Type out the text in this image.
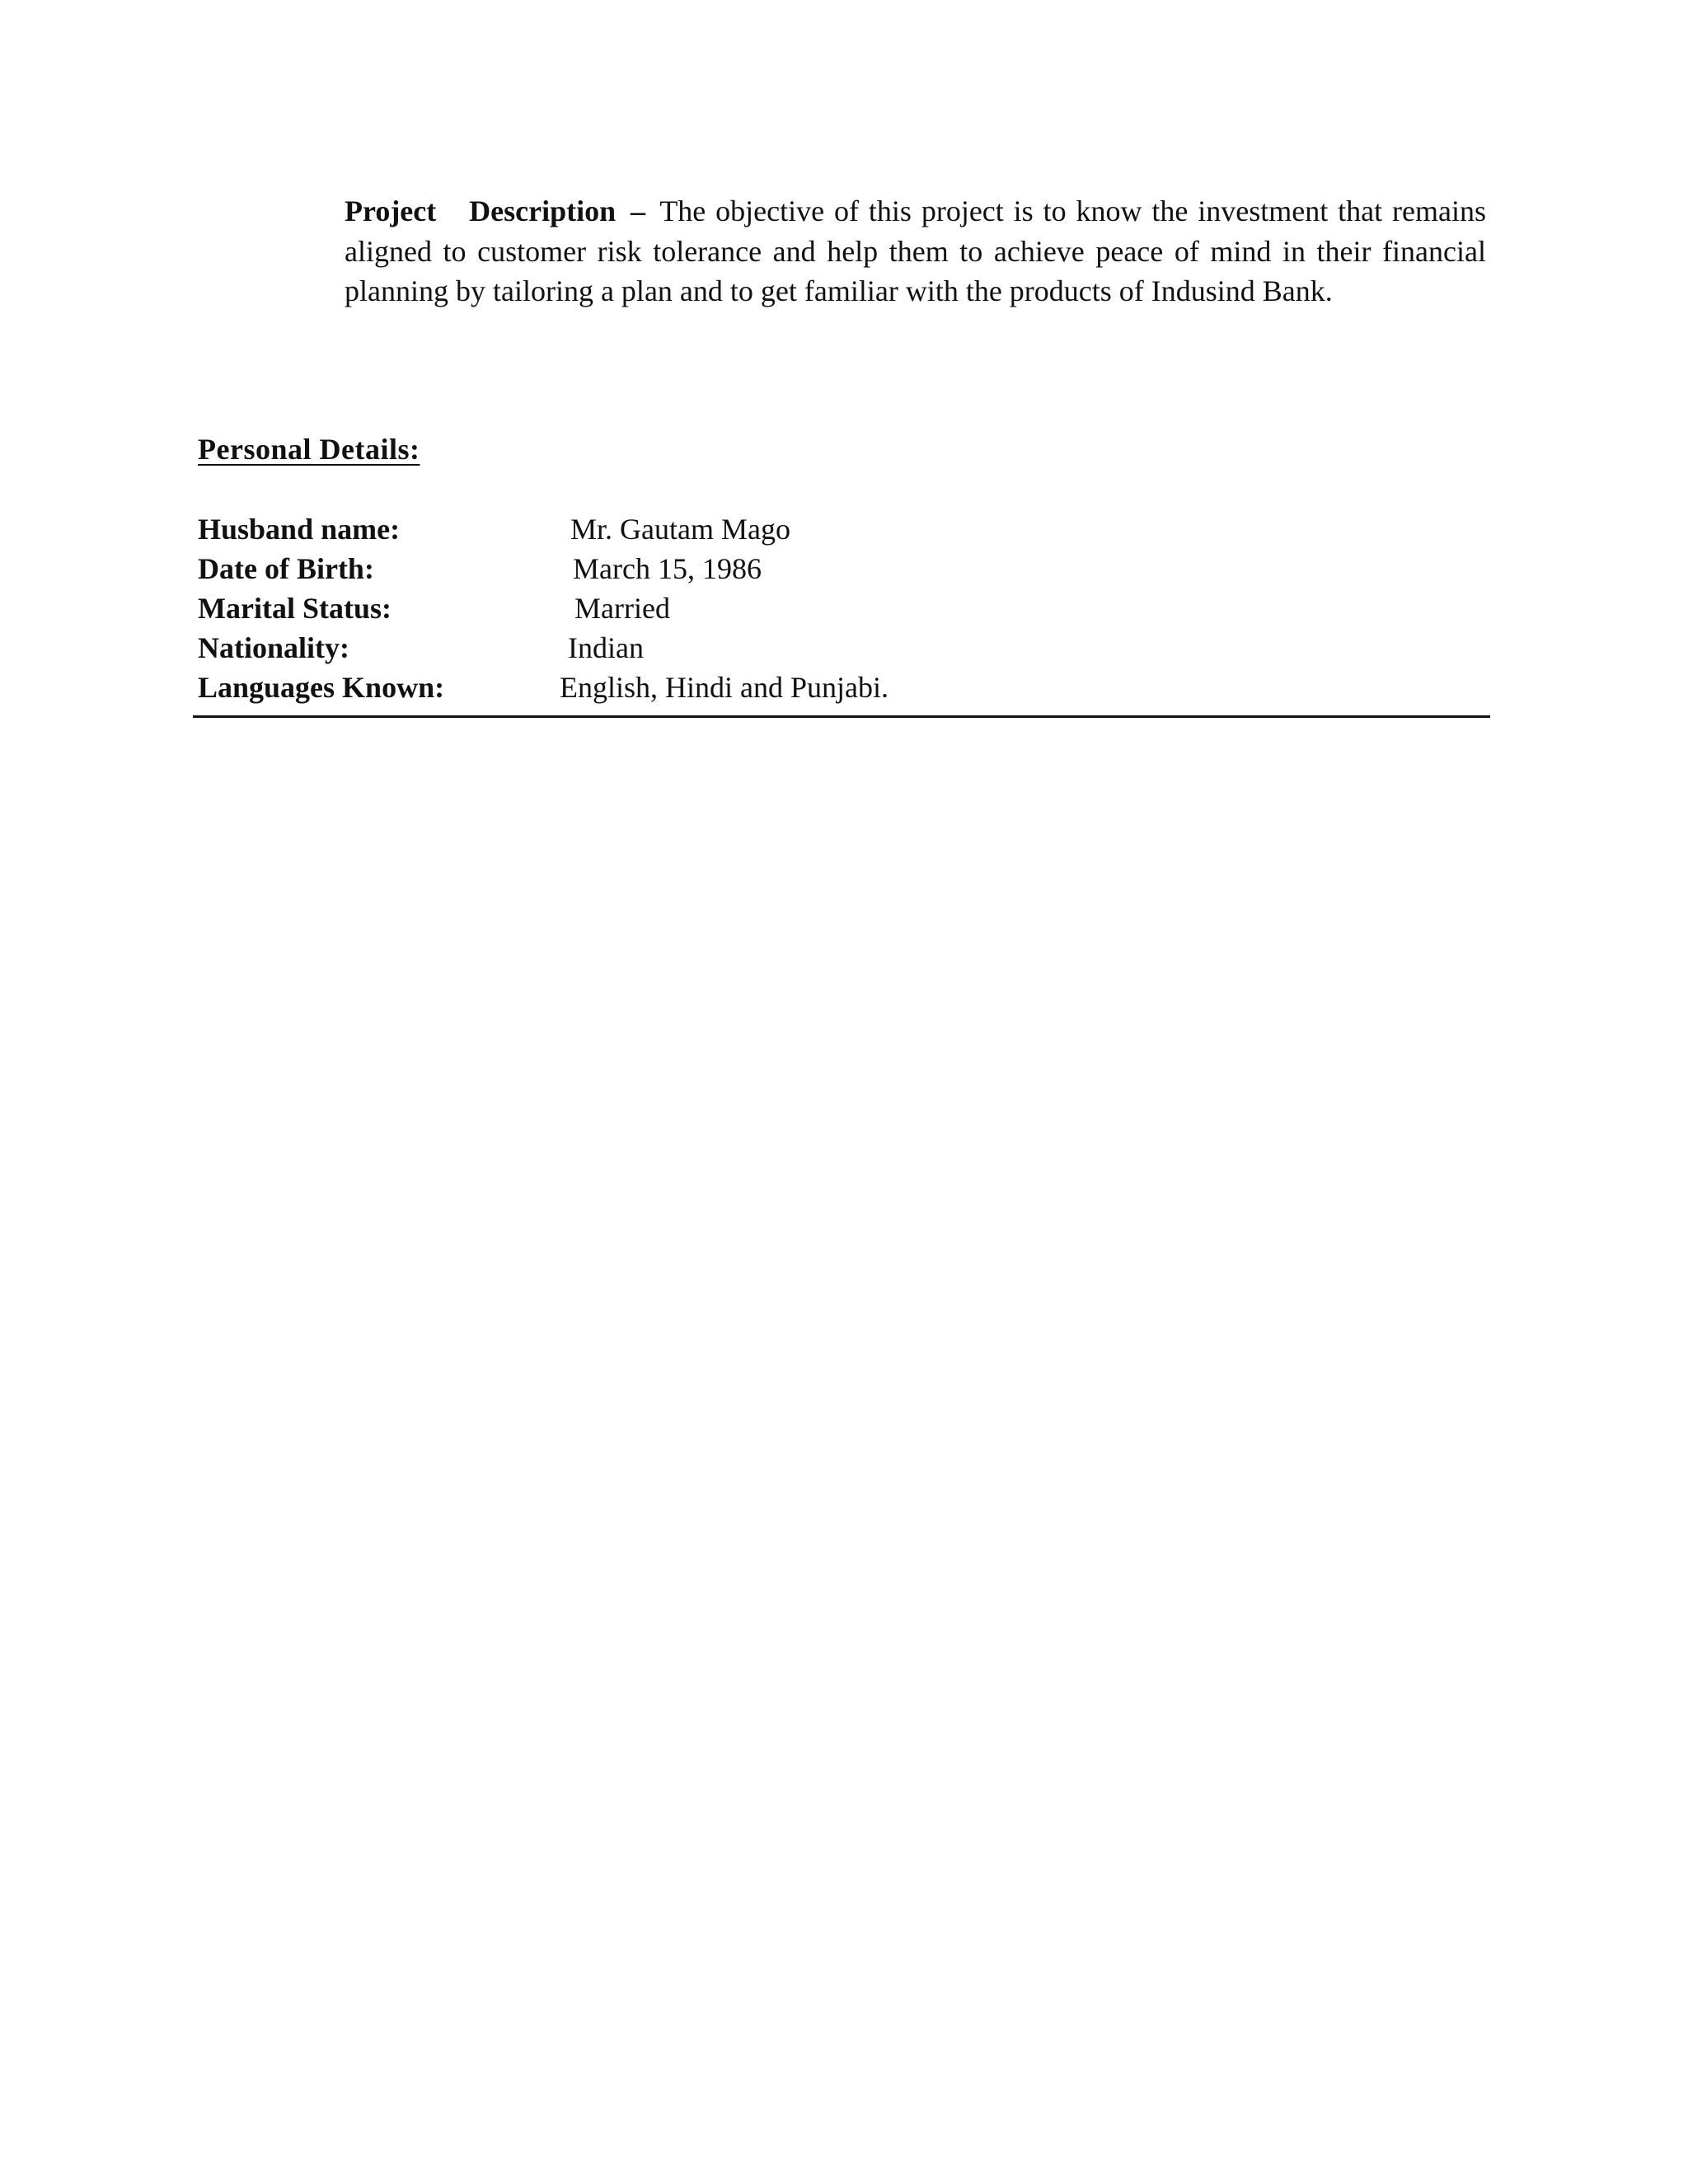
Project Description – The objective of this project is to know the investment that remains aligned to customer risk tolerance and help them to achieve peace of mind in their financial planning by tailoring a plan and to get familiar with the products of Indusind Bank.

Personal Details:
Husband name:	Mr. Gautam Mago
Date of Birth:	March 15, 1986
Marital Status:	Married
Nationality:	Indian
Languages Known:	English, Hindi and Punjabi.
